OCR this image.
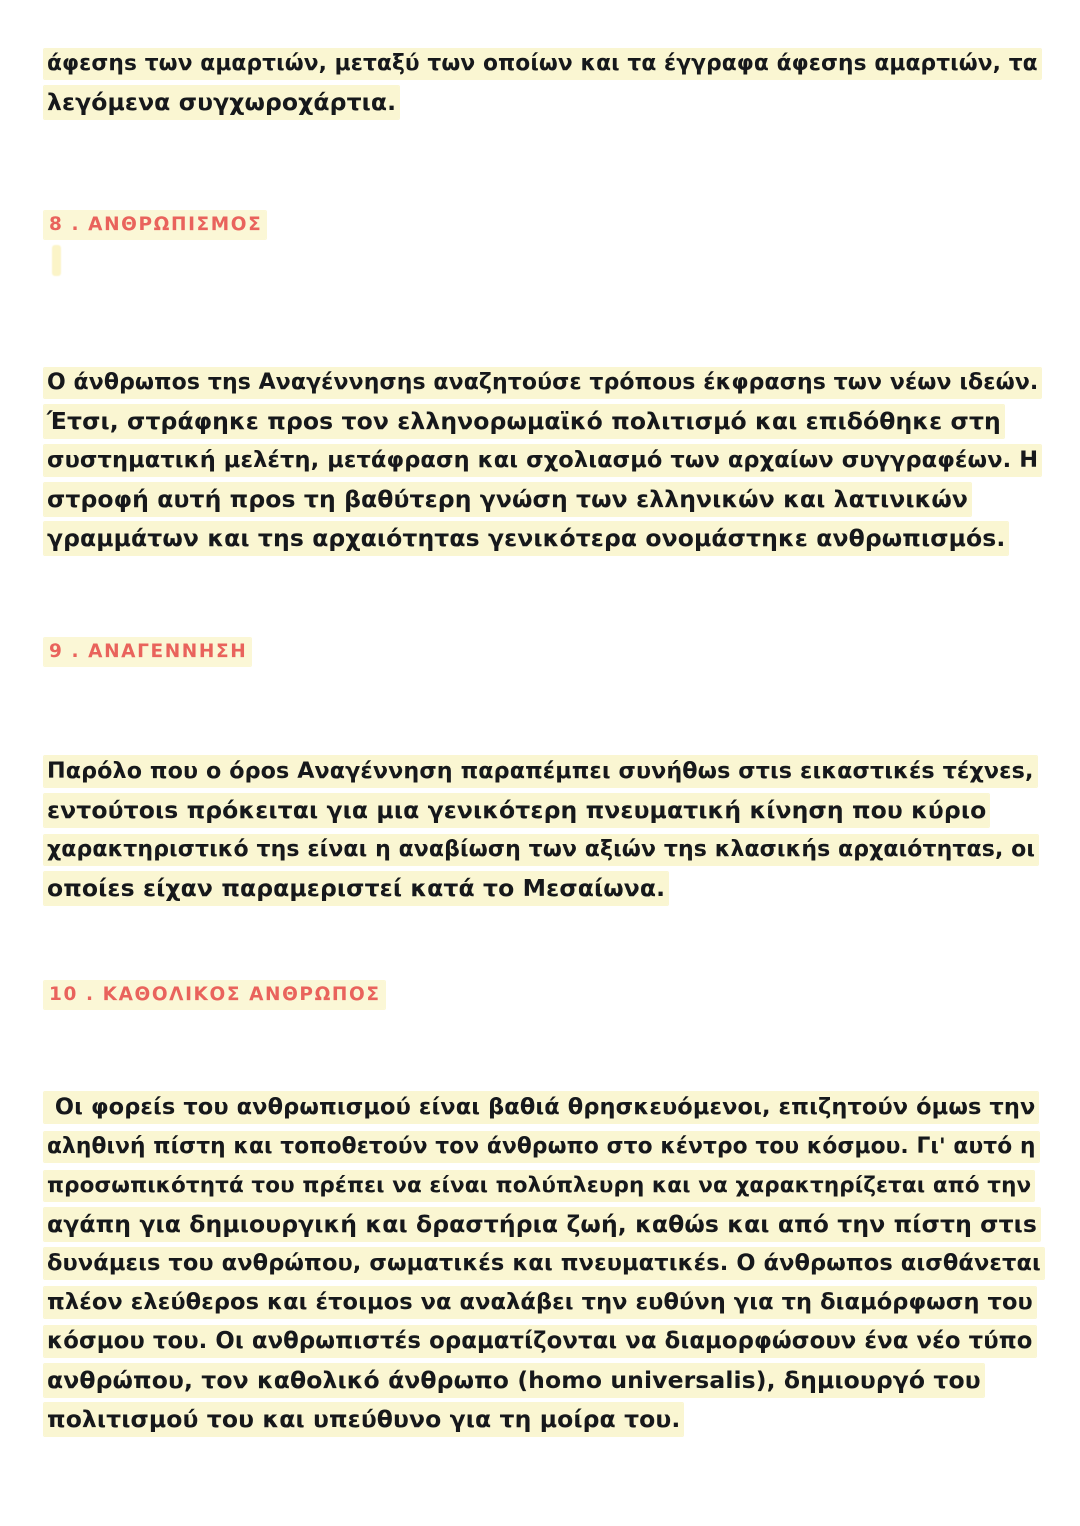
άφεσηs των αμαρτιών, μεταξύ των οποίων και τα έγγραφα άφεσηs αμαρτιών, τα
λεγόμενα συγχωροχάρτια.

8 . ΑΝΘΡΩΠΙΣΜΟΣ

Ο άνθρωποs τηs Αναγέννησηs αναζητούσε τρόπουs έκφρασηs των νέων ιδεών.
Έτσι, στράφηκε προs τον ελληνορωμαϊκό πολιτισμό και επιδόθηκε στη
συστηματική μελέτη, μετάφραση και σχολιασμό των αρχαίων συγγραφέων. Η
στροφή αυτή προs τη βαθύτερη γνώση των ελληνικών και λατινικών
γραμμάτων και τηs αρχαιότηταs γενικότερα ονομάστηκε ανθρωπισμόs.

9 . ΑΝΑΓΕΝΝΗΣΗ

Παρόλο που ο όροs Αναγέννηση παραπέμπει συνήθωs στιs εικαστικέs τέχνεs,
εντούτοιs πρόκειται για μια γενικότερη πνευματική κίνηση που κύριο
χαρακτηριστικό τηs είναι η αναβίωση των αξιών τηs κλασικήs αρχαιότηταs, οι
οποίεs είχαν παραμεριστεί κατά το Μεσαίωνα.

10 . ΚΑΘΟΛΙΚΟΣ ΑΝΘΡΩΠΟΣ

Οι φορείs του ανθρωπισμού είναι βαθιά θρησκευόμενοι, επιζητούν όμωs την
αληθινή πίστη και τοποθετούν τον άνθρωπο στο κέντρο του κόσμου. Γι' αυτό η
προσωπικότητά του πρέπει να είναι πολύπλευρη και να χαρακτηρίζεται από την
αγάπη για δημιουργική και δραστήρια ζωή, καθώs και από την πίστη στιs
δυνάμειs του ανθρώπου, σωματικέs και πνευματικέs. Ο άνθρωποs αισθάνεται
πλέον ελεύθεροs και έτοιμοs να αναλάβει την ευθύνη για τη διαμόρφωση του
κόσμου του. Οι ανθρωπιστέs οραματίζονται να διαμορφώσουν ένα νέο τύπο
ανθρώπου, τον καθολικό άνθρωπο (homo universalis), δημιουργό του
πολιτισμού του και υπεύθυνο για τη μοίρα του.
